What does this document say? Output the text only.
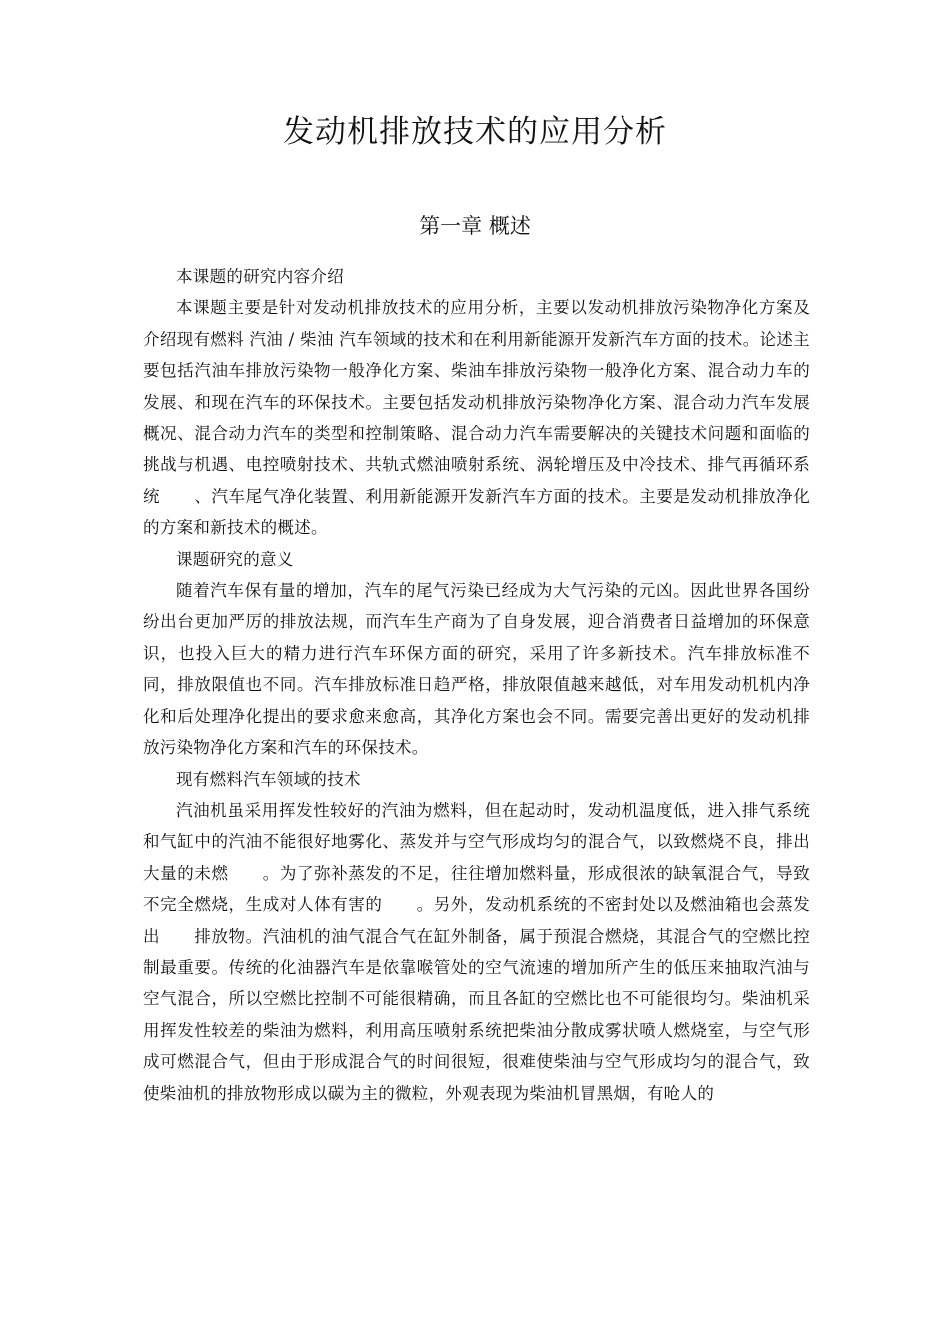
发动机排放技术的应用分析
第一章 概述
本课题的研究内容介绍

本课题主要是针对发动机排放技术的应用分析，主要以发动机排放污染物净化方案及介绍现有燃料 汽油 / 柴油 汽车领域的技术和在利用新能源开发新汽车方面的技术。论述主要包括汽油车排放污染物一般净化方案、柴油车排放污染物一般净化方案、混合动力车的发展、和现在汽车的环保技术。主要包括发动机排放污染物净化方案、混合动力汽车发展概况、混合动力汽车的类型和控制策略、混合动力汽车需要解决的关键技术问题和面临的挑战与机遇、电控喷射技术、共轨式燃油喷射系统、涡轮增压及中冷技术、排气再循环系统　　、汽车尾气净化装置、利用新能源开发新汽车方面的技术。主要是发动机排放净化的方案和新技术的概述。

课题研究的意义

随着汽车保有量的增加，汽车的尾气污染已经成为大气污染的元凶。因此世界各国纷纷出台更加严厉的排放法规，而汽车生产商为了自身发展，迎合消费者日益增加的环保意识，也投入巨大的精力进行汽车环保方面的研究，采用了许多新技术。汽车排放标准不同，排放限值也不同。汽车排放标准日趋严格，排放限值越来越低，对车用发动机机内净化和后处理净化提出的要求愈来愈高，其净化方案也会不同。需要完善出更好的发动机排放污染物净化方案和汽车的环保技术。

现有燃料汽车领域的技术

汽油机虽采用挥发性较好的汽油为燃料，但在起动时，发动机温度低，进入排气系统和气缸中的汽油不能很好地雾化、蒸发并与空气形成均匀的混合气，以致燃烧不良，排出大量的未燃　　。为了弥补蒸发的不足，往往增加燃料量，形成很浓的缺氧混合气，导致不完全燃烧，生成对人体有害的　　。另外，发动机系统的不密封处以及燃油箱也会蒸发出　　排放物。汽油机的油气混合气在缸外制备，属于预混合燃烧，其混合气的空燃比控制最重要。传统的化油器汽车是依靠喉管处的空气流速的增加所产生的低压来抽取汽油与空气混合，所以空燃比控制不可能很精确，而且各缸的空燃比也不可能很均匀。柴油机采用挥发性较差的柴油为燃料，利用高压喷射系统把柴油分散成雾状喷人燃烧室，与空气形成可燃混合气，但由于形成混合气的时间很短，很难使柴油与空气形成均匀的混合气，致使柴油机的排放物形成以碳为主的微粒，外观表现为柴油机冒黑烟，有呛人的
